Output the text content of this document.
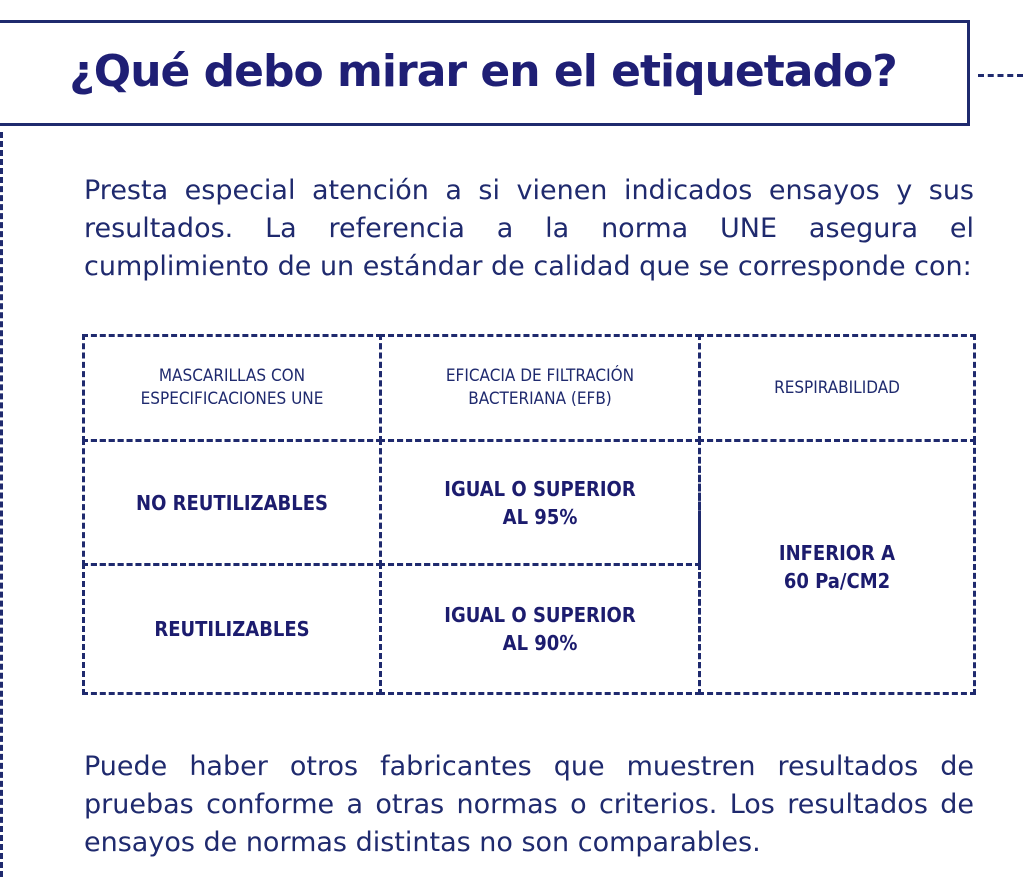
¿Qué debo mirar en el etiquetado?

Presta especial atención a si vienen indicados ensayos y sus resultados. La referencia a la norma UNE asegura el cumplimiento de un estándar de calidad que se corresponde con:

MASCARILLAS CON
ESPECIFICACIONES UNE
EFICACIA DE FILTRACIÓN
BACTERIANA (EFB)
RESPIRABILIDAD
NO REUTILIZABLES
IGUAL O SUPERIOR
AL 95%
REUTILIZABLES
IGUAL O SUPERIOR
AL 90%
INFERIOR A
60 Pa/CM2

Puede haber otros fabricantes que muestren resultados de pruebas conforme a otras normas o criterios. Los resultados de ensayos de normas distintas no son comparables.
